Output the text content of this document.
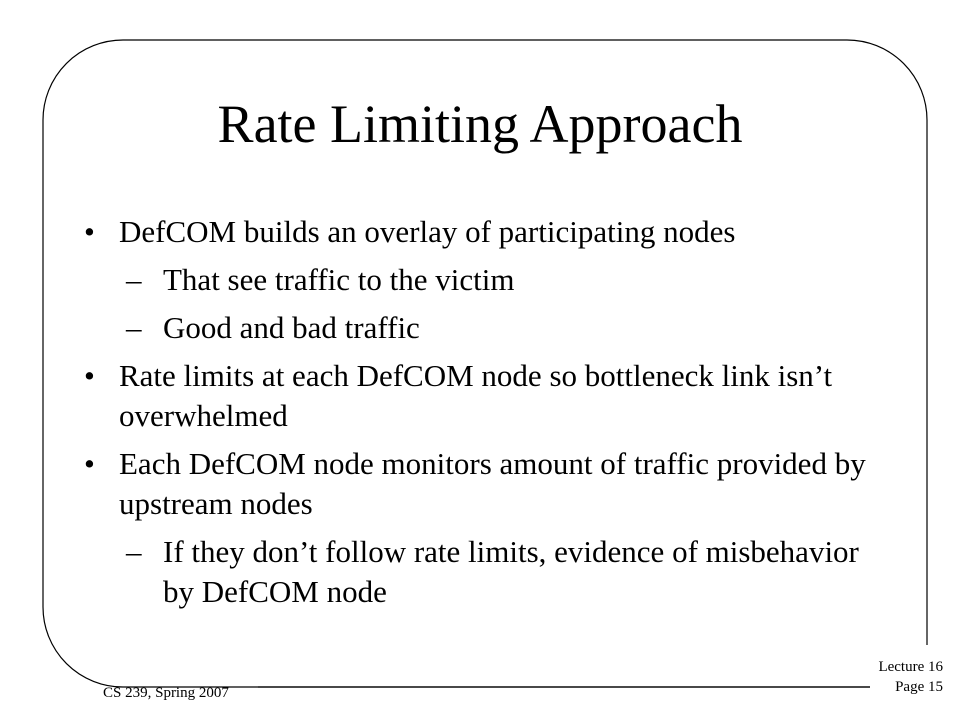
Rate Limiting Approach
• DefCOM builds an overlay of participating nodes
– That see traffic to the victim
– Good and bad traffic
• Rate limits at each DefCOM node so bottleneck link isn’t overwhelmed
• Each DefCOM node monitors amount of traffic provided by upstream nodes
– If they don’t follow rate limits, evidence of misbehavior by DefCOM node
CS 239, Spring 2007
Lecture 16
Page 15
